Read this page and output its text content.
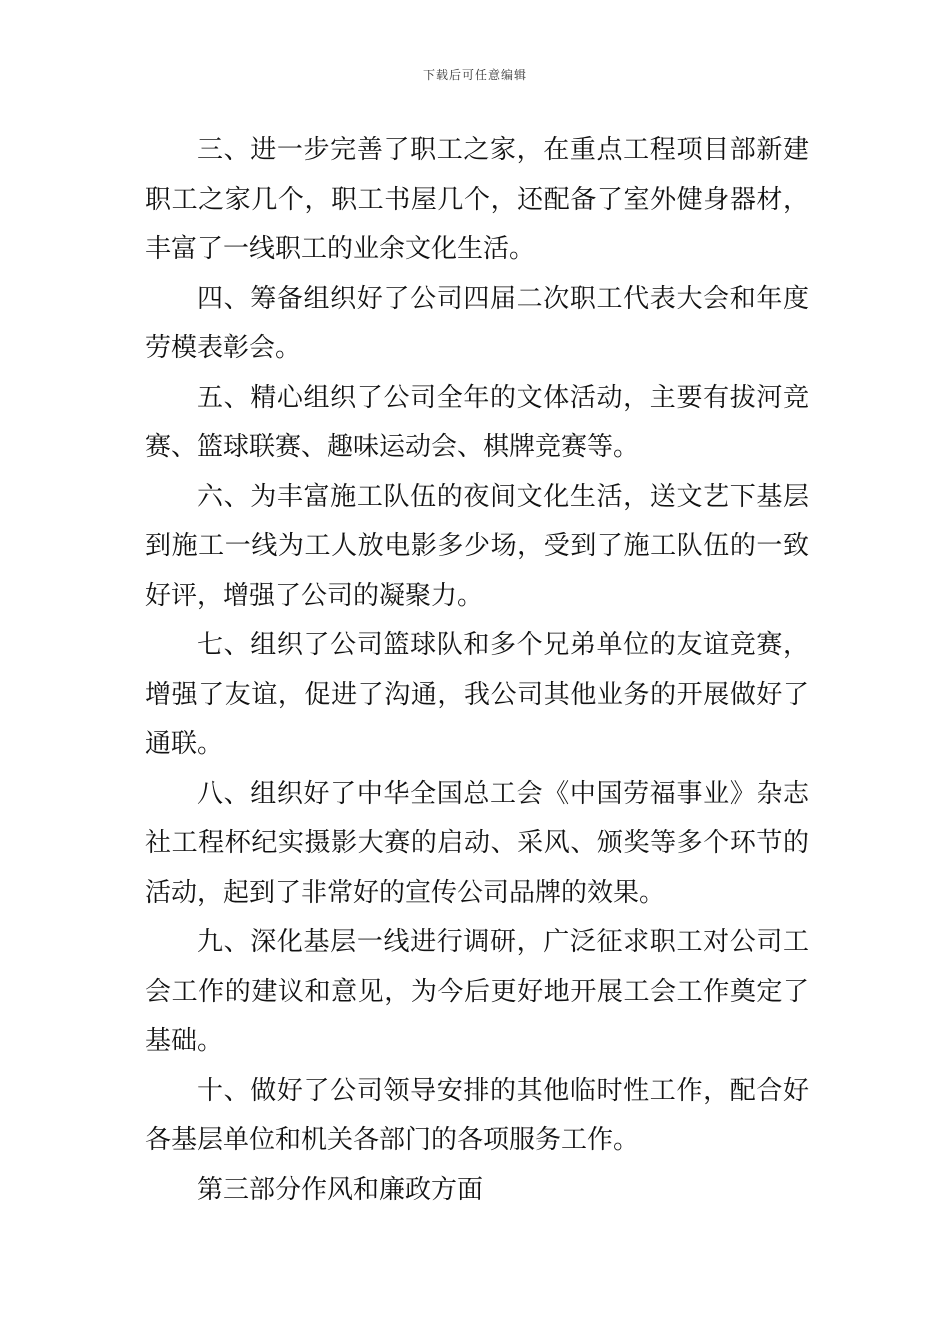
下载后可任意编辑

三、进一步完善了职工之家，在重点工程项目部新建职工之家几个，职工书屋几个，还配备了室外健身器材，丰富了一线职工的业余文化生活。

四、筹备组织好了公司四届二次职工代表大会和年度劳模表彰会。

五、精心组织了公司全年的文体活动，主要有拔河竞赛、篮球联赛、趣味运动会、棋牌竞赛等。

六、为丰富施工队伍的夜间文化生活，送文艺下基层到施工一线为工人放电影多少场，受到了施工队伍的一致好评，增强了公司的凝聚力。

七、组织了公司篮球队和多个兄弟单位的友谊竞赛，增强了友谊，促进了沟通，我公司其他业务的开展做好了通联。

八、组织好了中华全国总工会《中国劳福事业》杂志社工程杯纪实摄影大赛的启动、采风、颁奖等多个环节的活动，起到了非常好的宣传公司品牌的效果。

九、深化基层一线进行调研，广泛征求职工对公司工会工作的建议和意见，为今后更好地开展工会工作奠定了基础。

十、做好了公司领导安排的其他临时性工作，配合好各基层单位和机关各部门的各项服务工作。

第三部分作风和廉政方面
